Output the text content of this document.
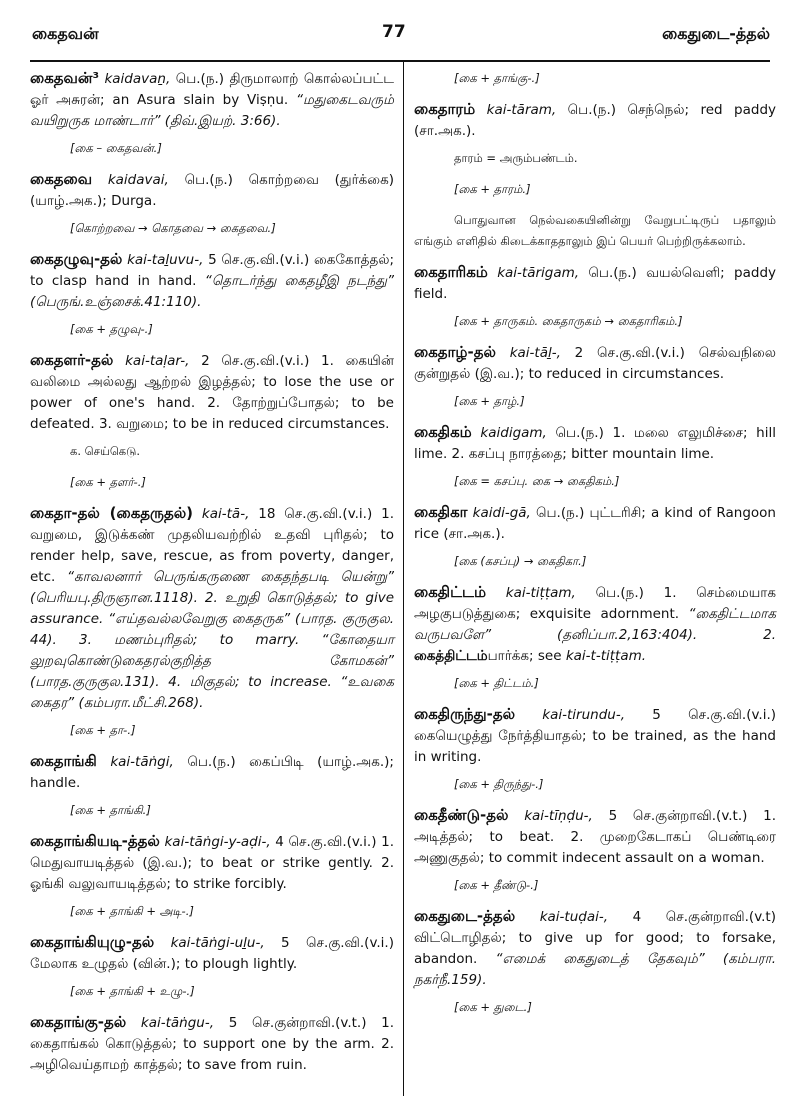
கைதவன்	77	கைதுடை-த்தல்
கைதவன்³ kaidavaṉ, பெ.(ந.) திருமாலாற் கொல்லப்பட்ட ஓர் அசுரன்; an Asura slain by Viṣṇu. “மதுகைடவரும் வயிறுருக மாண்டார்” (திவ்.இயற். 3:66).
[கை – கைதவன்.]
கைதவை kaidavai, பெ.(ந.) கொற்றவை (துர்க்கை) (யாழ்.அக.); Durga.
[கொற்றவை → கொதவை → கைதவை.]
கைதழுவு-தல் kai-taḻuvu-, 5 செ.கு.வி.(v.i.) கைகோத்தல்; to clasp hand in hand. “தொடர்ந்து கைதழீஇ நடந்து” (பெருங்.உஞ்சைக்.41:110).
[கை + தழுவு-.]
கைதளர்-தல் kai-taḷar-, 2 செ.கு.வி.(v.i.) 1. கையின் வலிமை அல்லது ஆற்றல் இழத்தல்; to lose the use or power of one's hand. 2. தோற்றுப்போதல்; to be defeated. 3. வறுமை; to be in reduced circumstances.
க. செய்கெடு.
[கை + தளர்-.]
கைதா-தல் (கைதருதல்) kai-tā-, 18 செ.கு.வி.(v.i.) 1. வறுமை, இடுக்கண் முதலியவற்றில் உதவி புரிதல்; to render help, save, rescue, as from poverty, danger, etc. “காவலனார் பெருங்கருணை கைதந்தபடி யென்று” (பெரியபு.திருஞான.1118). 2. உறுதி கொடுத்தல்; to give assurance. “எய்தவல்லவேறுகு கைதருக” (பாரத. குருகுல. 44). 3. மணம்புரிதல்; to marry. “கோதையா லுறவுகொண்டுகைதரல்குறித்த கோமகன்” (பாரத.குருகுல.131). 4. மிகுதல்; to increase. “உவகை கைதர” (கம்பரா.மீட்சி.268).
[கை + தா-.]
கைதாங்கி kai-tāṅgi, பெ.(ந.) கைப்பிடி (யாழ்.அக.); handle.
[கை + தாங்கி.]
கைதாங்கியடி-த்தல் kai-tāṅgi-y-aḍi-, 4 செ.கு.வி.(v.i.) 1. மெதுவாயடித்தல் (இ.வ.); to beat or strike gently. 2. ஓங்கி வலுவாயடித்தல்; to strike forcibly.
[கை + தாங்கி + அடி-.]
கைதாங்கியுழு-தல் kai-tāṅgi-uḻu-, 5 செ.கு.வி.(v.i.) மேலாக உழுதல் (வின்.); to plough lightly.
[கை + தாங்கி + உழு-.]
கைதாங்கு-தல் kai-tāṅgu-, 5 செ.குன்றாவி.(v.t.) 1. கைதாங்கல் கொடுத்தல்; to support one by the arm. 2. அழிவெய்தாமற் காத்தல்; to save from ruin.
[கை + தாங்கு-.]
கைதாரம் kai-tāram, பெ.(ந.) செந்நெல்; red paddy (சா.அக.).
தாரம் = அரும்பண்டம்.
[கை + தாரம்.]
பொதுவான நெல்வகையினின்று வேறுபட்டிருப் பதாலும் எங்கும் எளிதில் கிடைக்காததாலும் இப் பெயர் பெற்றிருக்கலாம்.
கைதாரிகம் kai-tārigam, பெ.(ந.) வயல்வெளி; paddy field.
[கை + தாருகம். கைதாருகம் → கைதாரிகம்.]
கைதாழ்-தல் kai-tāḻ-, 2 செ.கு.வி.(v.i.) செல்வநிலை குன்றுதல் (இ.வ.); to reduced in circumstances.
[கை + தாழ்.]
கைதிகம் kaidigam, பெ.(ந.) 1. மலை எலுமிச்சை; hill lime. 2. கசப்பு நாரத்தை; bitter mountain lime.
[கை = கசப்பு. கை → கைதிகம்.]
கைதிகா kaidi-gā, பெ.(ந.) புட்டரிசி; a kind of Rangoon rice (சா.அக.).
[கை (கசப்பு) → கைதிகா.]
கைதிட்டம் kai-tiṭṭam, பெ.(ந.) 1. செம்மையாக அழகுபடுத்துகை; exquisite adornment. “கைதிட்டமாக வருபவளே” (தனிப்பா.2,163:404). 2. கைத்திட்டம்பார்க்க; see kai-t-tiṭṭam.
[கை + திட்டம்.]
கைதிருந்து-தல் kai-tirundu-, 5 செ.கு.வி.(v.i.) கையெழுத்து நேர்த்தியாதல்; to be trained, as the hand in writing.
[கை + திருந்து-.]
கைதீண்டு-தல் kai-tīṇḍu-, 5 செ.குன்றாவி.(v.t.) 1. அடித்தல்; to beat. 2. முறைகேடாகப் பெண்டிரை அணுகுதல்; to commit indecent assault on a woman.
[கை + தீண்டு-.]
கைதுடை-த்தல் kai-tuḍai-, 4 செ.குன்றாவி.(v.t) விட்டொழிதல்; to give up for good; to forsake, abandon. “எமைக் கைதுடைத் தேகவும்” (கம்பரா. நகர்நீ.159).
[கை + துடை.]
